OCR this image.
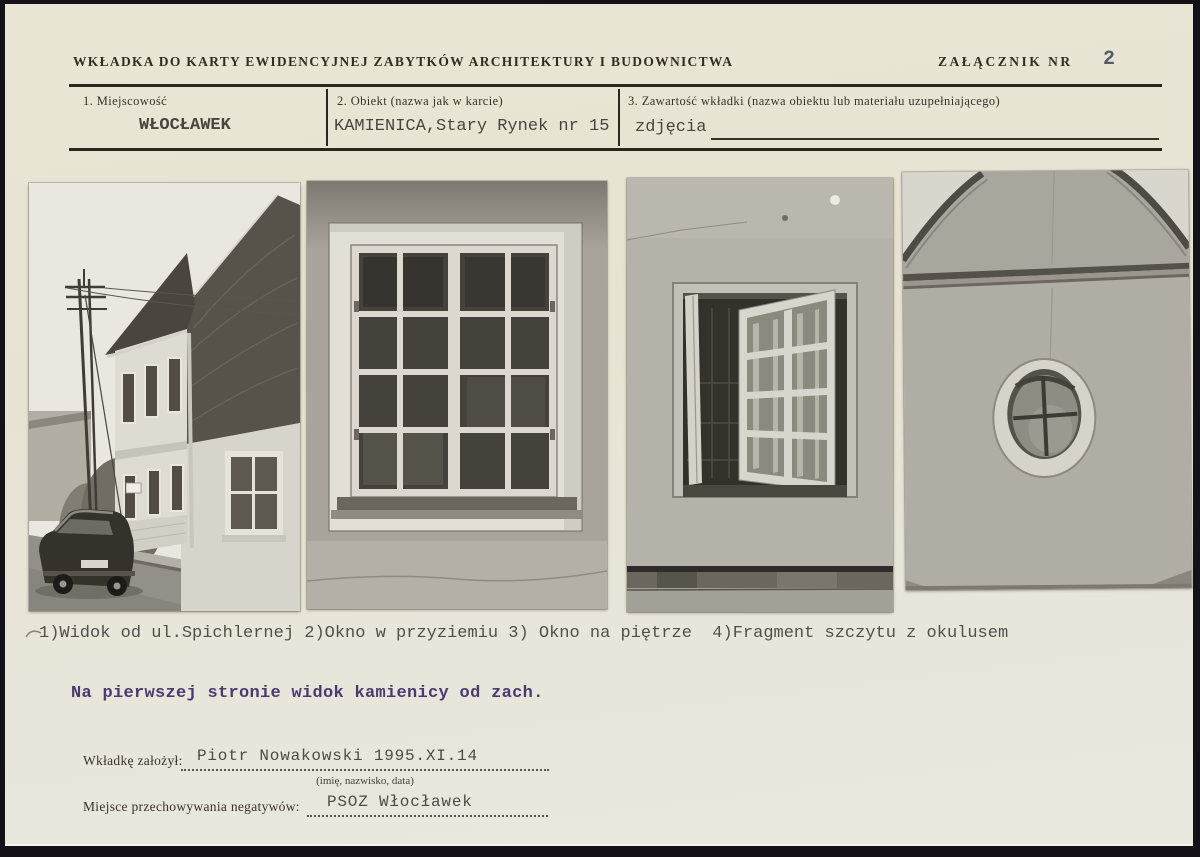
WKŁADKA DO KARTY EWIDENCYJNEJ ZABYTKÓW ARCHITEKTURY I BUDOWNICTWA	ZAŁĄCZNIK NR 2
1. Miejscowość
WŁOCŁAWEK
2. Obiekt (nazwa jak w karcie)
KAMIENICA,Stary Rynek nr 15
3. Zawartość wkładki (nazwa obiektu lub materiału uzupełniającego)
zdjęcia
1)Widok od ul.Spichlernej 2)Okno w przyziemiu 3) Okno na piętrze  4)Fragment szczytu z okulusem
Na pierwszej stronie widok kamienicy od zach.
Wkładkę założył: Piotr Nowakowski 1995.XI.14
(imię, nazwisko, data)
Miejsce przechowywania negatywów: PSOZ Włocławek
